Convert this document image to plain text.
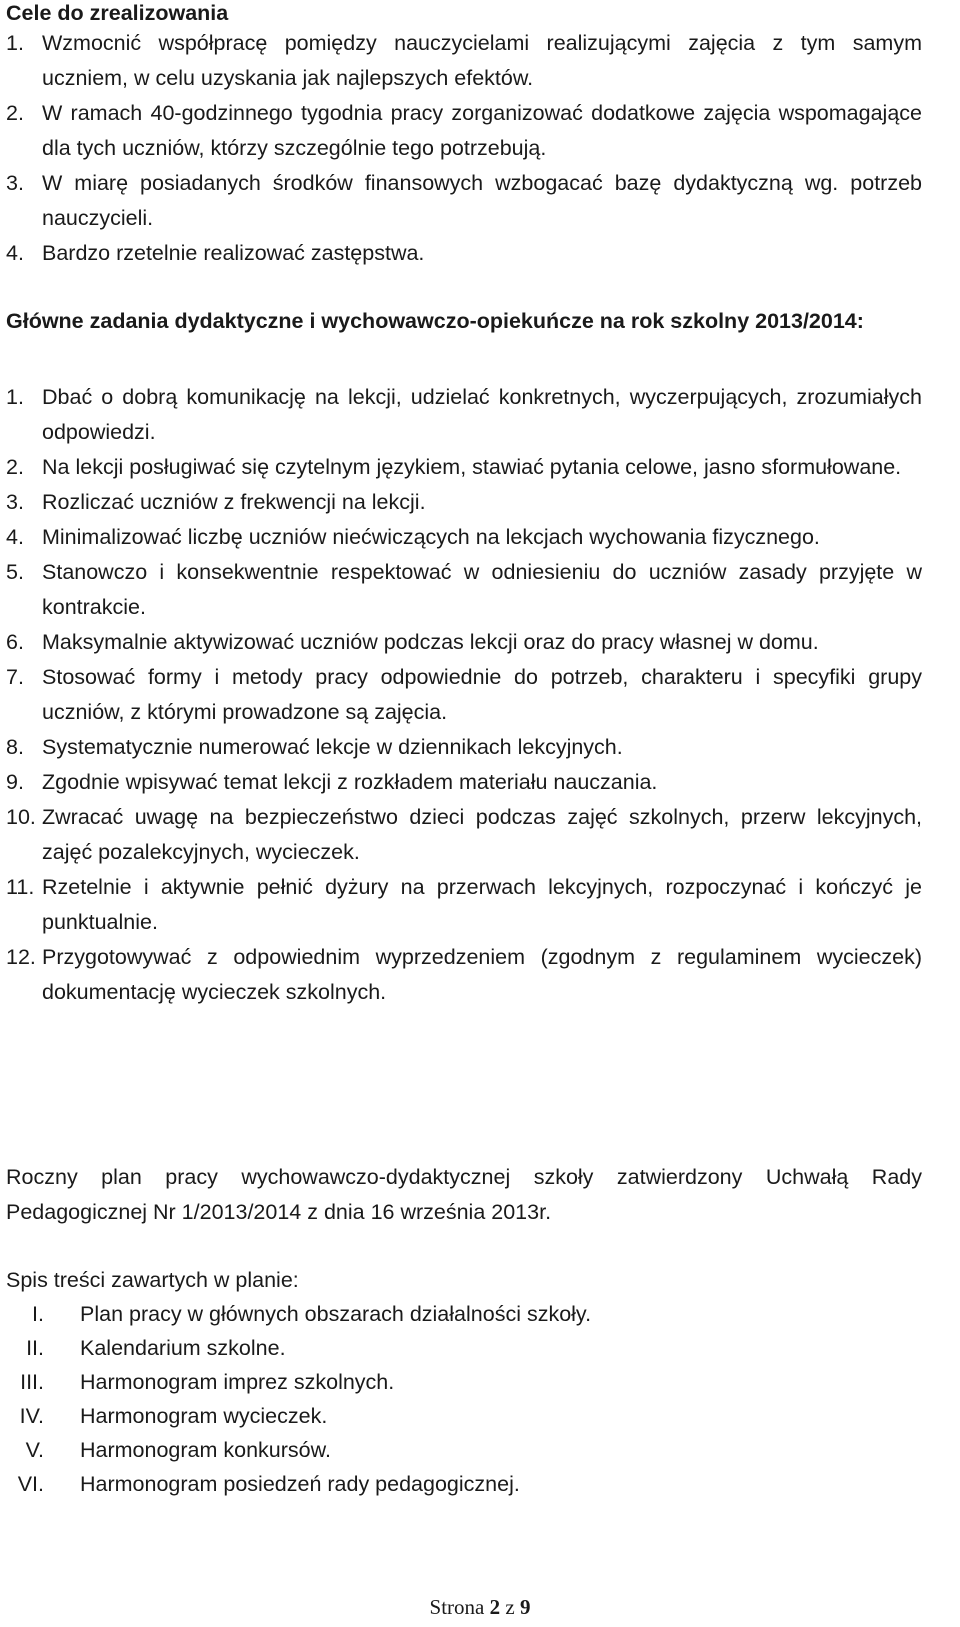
Cele do zrealizowania
1. Wzmocnić współpracę pomiędzy nauczycielami realizującymi zajęcia z tym samym uczniem, w celu uzyskania jak najlepszych efektów.
2. W ramach 40-godzinnego tygodnia pracy zorganizować dodatkowe zajęcia wspomagające dla tych uczniów, którzy szczególnie tego potrzebują.
3. W miarę posiadanych środków finansowych wzbogacać bazę dydaktyczną wg. potrzeb nauczycieli.
4. Bardzo rzetelnie realizować zastępstwa.
Główne zadania dydaktyczne i wychowawczo-opiekuńcze na rok szkolny 2013/2014:
1. Dbać o dobrą komunikację na lekcji, udzielać konkretnych, wyczerpujących, zrozumiałych odpowiedzi.
2. Na lekcji posługiwać się czytelnym językiem, stawiać pytania celowe, jasno sformułowane.
3. Rozliczać uczniów z frekwencji na lekcji.
4. Minimalizować liczbę uczniów niećwiczących na lekcjach wychowania fizycznego.
5. Stanowczo i konsekwentnie respektować w odniesieniu do uczniów zasady przyjęte w kontrakcie.
6. Maksymalnie aktywizować uczniów podczas lekcji oraz do pracy własnej w domu.
7. Stosować formy i metody pracy odpowiednie do potrzeb, charakteru i specyfiki grupy uczniów, z którymi prowadzone są zajęcia.
8. Systematycznie numerować lekcje w dziennikach lekcyjnych.
9. Zgodnie wpisywać temat lekcji z rozkładem materiału nauczania.
10. Zwracać uwagę na bezpieczeństwo dzieci podczas zajęć szkolnych, przerw lekcyjnych, zajęć pozalekcyjnych, wycieczek.
11. Rzetelnie i aktywnie pełnić dyżury na przerwach lekcyjnych, rozpoczynać i kończyć je punktualnie.
12. Przygotowywać z odpowiednim wyprzedzeniem (zgodnym z regulaminem wycieczek) dokumentację wycieczek szkolnych.

Roczny plan pracy wychowawczo-dydaktycznej szkoły zatwierdzony Uchwałą Rady Pedagogicznej Nr 1/2013/2014 z dnia 16 września 2013r.

Spis treści zawartych w planie:
I. Plan pracy w głównych obszarach działalności szkoły.
II. Kalendarium szkolne.
III. Harmonogram imprez szkolnych.
IV. Harmonogram wycieczek.
V. Harmonogram konkursów.
VI. Harmonogram posiedzeń rady pedagogicznej.
Strona 2 z 9
